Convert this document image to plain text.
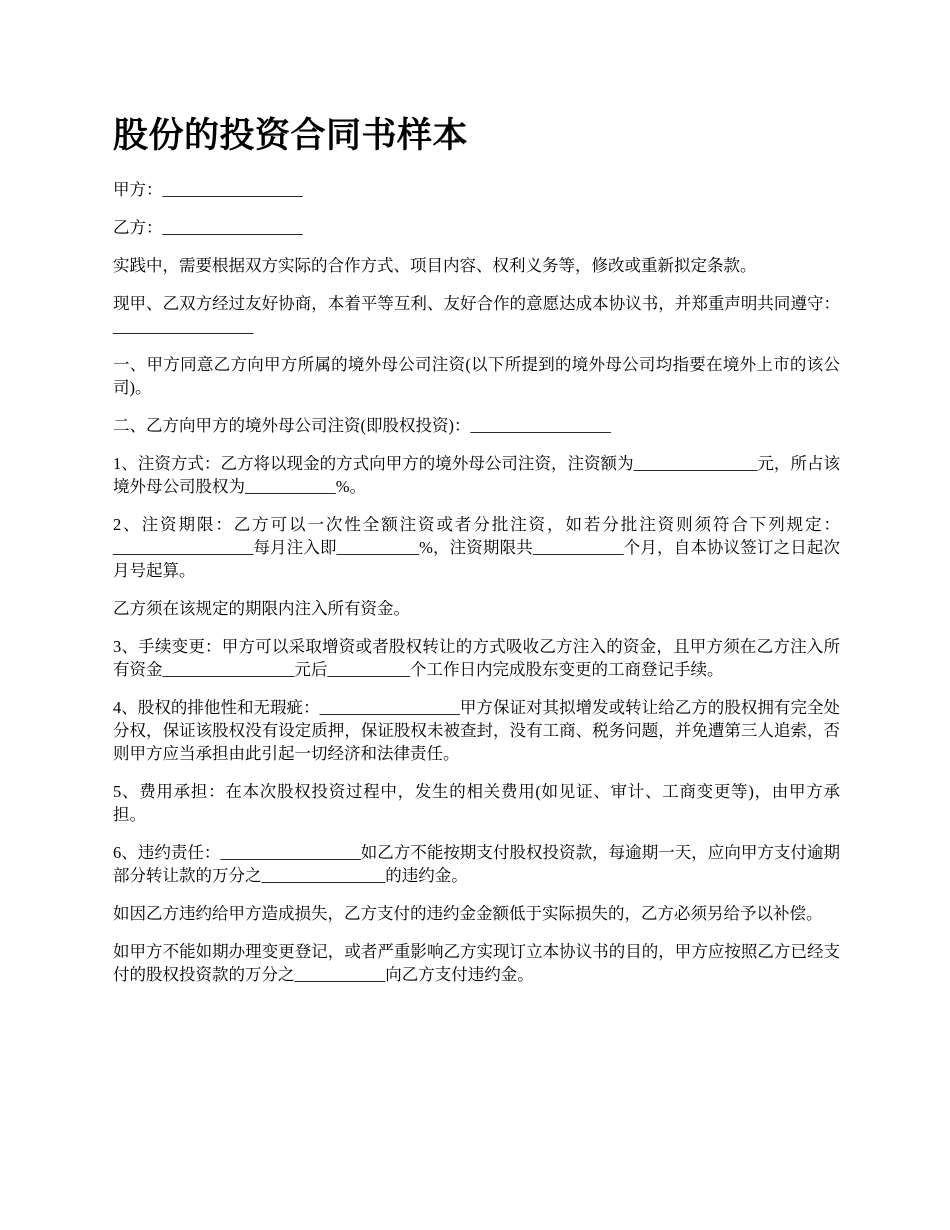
股份的投资合同书样本

甲方：_________________

乙方：_________________

实践中，需要根据双方实际的合作方式、项目内容、权利义务等，修改或重新拟定条款。

现甲、乙双方经过友好协商，本着平等互利、友好合作的意愿达成本协议书，并郑重声明共同遵守：_________________

一、甲方同意乙方向甲方所属的境外母公司注资(以下所提到的境外母公司均指要在境外上市的该公司)。

二、乙方向甲方的境外母公司注资(即股权投资)：_________________

1、注资方式：乙方将以现金的方式向甲方的境外母公司注资，注资额为_______________元，所占该境外母公司股权为___________%。

2、注资期限：乙方可以一次性全额注资或者分批注资，如若分批注资则须符合下列规定：_________________每月注入即__________%，注资期限共___________个月，自本协议签订之日起次月号起算。

乙方须在该规定的期限内注入所有资金。

3、手续变更：甲方可以采取增资或者股权转让的方式吸收乙方注入的资金，且甲方须在乙方注入所有资金________________元后__________个工作日内完成股东变更的工商登记手续。

4、股权的排他性和无瑕疵：_________________甲方保证对其拟增发或转让给乙方的股权拥有完全处分权，保证该股权没有设定质押，保证股权未被查封，没有工商、税务问题，并免遭第三人追索，否则甲方应当承担由此引起一切经济和法律责任。

5、费用承担：在本次股权投资过程中，发生的相关费用(如见证、审计、工商变更等)，由甲方承担。

6、违约责任：_________________如乙方不能按期支付股权投资款，每逾期一天，应向甲方支付逾期部分转让款的万分之_______________的违约金。

如因乙方违约给甲方造成损失，乙方支付的违约金金额低于实际损失的，乙方必须另给予以补偿。

如甲方不能如期办理变更登记，或者严重影响乙方实现订立本协议书的目的，甲方应按照乙方已经支付的股权投资款的万分之___________向乙方支付违约金。
